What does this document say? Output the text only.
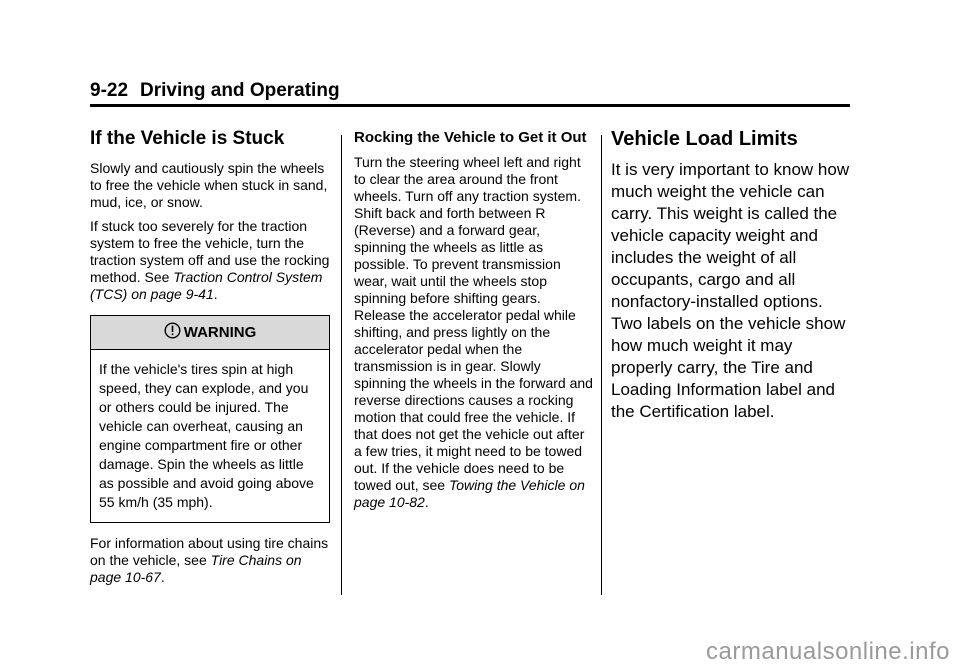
9-22 Driving and Operating
If the Vehicle is Stuck

Slowly and cautiously spin the wheels to free the vehicle when stuck in sand, mud, ice, or snow.

If stuck too severely for the traction system to free the vehicle, turn the traction system off and use the rocking method. See Traction Control System (TCS) on page 9-41.

WARNING

If the vehicle's tires spin at high speed, they can explode, and you or others could be injured. The vehicle can overheat, causing an engine compartment fire or other damage. Spin the wheels as little as possible and avoid going above 55 km/h (35 mph).

For information about using tire chains on the vehicle, see Tire Chains on page 10-67.

Rocking the Vehicle to Get it Out

Turn the steering wheel left and right to clear the area around the front wheels. Turn off any traction system. Shift back and forth between R (Reverse) and a forward gear, spinning the wheels as little as possible. To prevent transmission wear, wait until the wheels stop spinning before shifting gears. Release the accelerator pedal while shifting, and press lightly on the accelerator pedal when the transmission is in gear. Slowly spinning the wheels in the forward and reverse directions causes a rocking motion that could free the vehicle. If that does not get the vehicle out after a few tries, it might need to be towed out. If the vehicle does need to be towed out, see Towing the Vehicle on page 10-82.

Vehicle Load Limits

It is very important to know how much weight the vehicle can carry. This weight is called the vehicle capacity weight and includes the weight of all occupants, cargo and all nonfactory-installed options. Two labels on the vehicle show how much weight it may properly carry, the Tire and Loading Information label and the Certification label.

carmanualsonline.info
